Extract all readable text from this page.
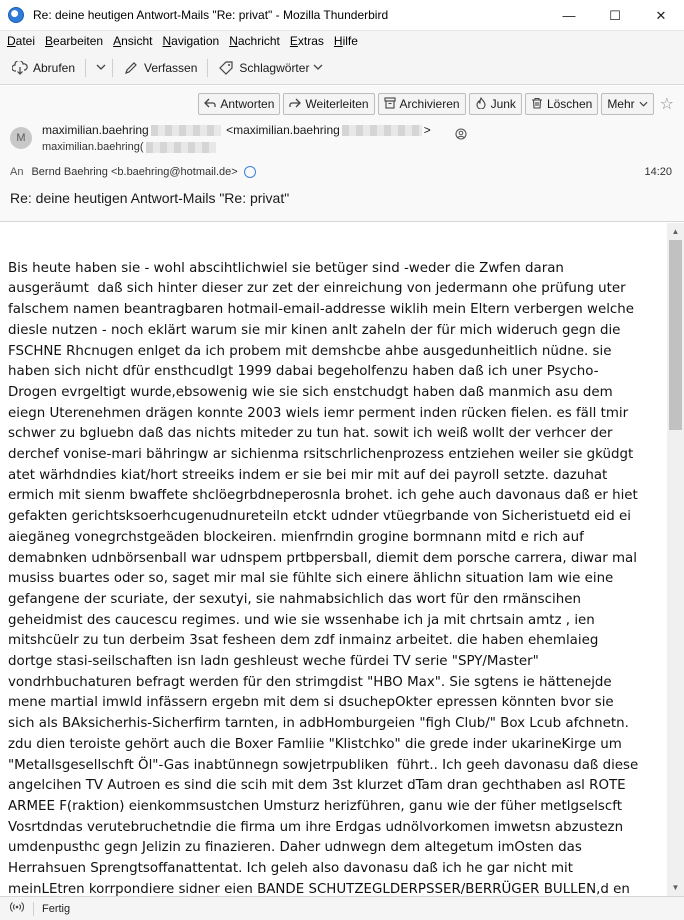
Re: deine heutigen Antwort-Mails "Re: privat" - Mozilla Thunderbird	—	☐	✕
Datei Bearbeiten Ansicht Navigation Nachricht Extras Hilfe
Abrufen	Verfassen	Schlagwörter
Antworten	Weiterleiten	Archivieren	Junk	Löschen Mehr ☆
M
maximilian.baehring	<maximilian.baehring	>
maximilian.baehring(
An Bernd Baehring <b.baehring@hotmail.de>	14:20
Re: deine heutigen Antwort-Mails "Re: privat"

Bis heute haben sie - wohl abscihtlichwiel sie betüger sind -weder die Zwfen daran
ausgeräumt  daß sich hinter dieser zur zet der einreichung von jedermann ohe prüfung uter
falschem namen beantragbaren hotmail-email-addresse wiklih mein Eltern verbergen welche
diesle nutzen - noch eklärt warum sie mir kinen anlt zaheln der für mich wideruch gegn die
FSCHNE Rhcnugen enlget da ich probem mit demshcbe ahbe ausgedunheitlich nüdne. sie
haben sich nicht dfür ensthcudlgt 1999 dabai begeholfenzu haben daß ich uner Psycho-
Drogen evrgeltigt wurde,ebsowenig wie sie sich enstchudgt haben daß manmich asu dem
eiegn Uterenehmen drägen konnte 2003 wiels iemr perment inden rücken fielen. es fäll tmir
schwer zu bgluebn daß das nichts miteder zu tun hat. sowit ich weiß wollt der verhcer der
derchef vonise-mari bähringw ar sichienma rsitschrlichenprozess entziehen weiler sie gküdgt
atet wärhdndies kiat/hort streeiks indem er sie bei mir mit auf dei payroll setzte. dazuhat
ermich mit sienm bwaffete shclöegrbdneperosnla brohet. ich gehe auch davonaus daß er hiet
gefakten gerichtsksoerhcugenudnureteiln etckt udnder vtüegrbande von Sicheristuetd eid ei
aiegäneg vonegrchstgeäden blockeiren. mienfrndin grogine bormnann mitd e rich auf
demabnken udnbörsenball war udnspem prtbpersball, diemit dem porsche carrera, diwar mal
musiss buartes oder so, saget mir mal sie fühlte sich einere ählichn situation lam wie eine
gefangene der scuriate, der sexutyi, sie nahmabsichlich das wort für den rmänscihen
geheidmist des caucescu regimes. und wie sie wssenhabe ich ja mit chrtsain amtz , ien
mitshcüelr zu tun derbeim 3sat fesheen dem zdf inmainz arbeitet. die haben ehemlaieg
dortge stasi-seilschaften isn ladn geshleust weche fürdei TV serie "SPY/Master"
vondrhbuchaturen befragt werden für den strimgdist "HBO Max". Sie sgtens ie hättenejde
mene martial imwld infässern ergebn mit dem si dsuchepOkter epressen könnten bvor sie
sich als BAksicherhis-Sicherfirm tarnten, in adbHomburgeien "figh Club/" Box Lcub afchnetn.
zdu dien teroiste gehört auch die Boxer Famliie "Klistchko" die grede inder ukarineKirge um
"Metallsgesellschft Öl"-Gas inabtünnegn sowjetrpubliken  führt.. Ich geeh davonasu daß diese
angelcihen TV Autroen es sind die scih mit dem 3st klurzet dTam dran gechthaben asl ROTE
ARMEE F(raktion) eienkommsustchen Umsturz herizführen, ganu wie der füher metlgselscft
Vosrtdndas verutebruchetndie die firma um ihre Erdgas udnölvorkomen imwetsn abzustezn
umdenpusthc gegn Jelizin zu finazieren. Daher udnwegn dem altegetum imOsten das
Herrahsuen Sprengtsoffanattentat. Ich geleh also davonasu daß ich he gar nicht mit
meinLEtren korrpondiere sidner eien BANDE SCHUTZEGLDERPSSER/BERRÜGER BULLEN,d en

▲
▼
Fertig
